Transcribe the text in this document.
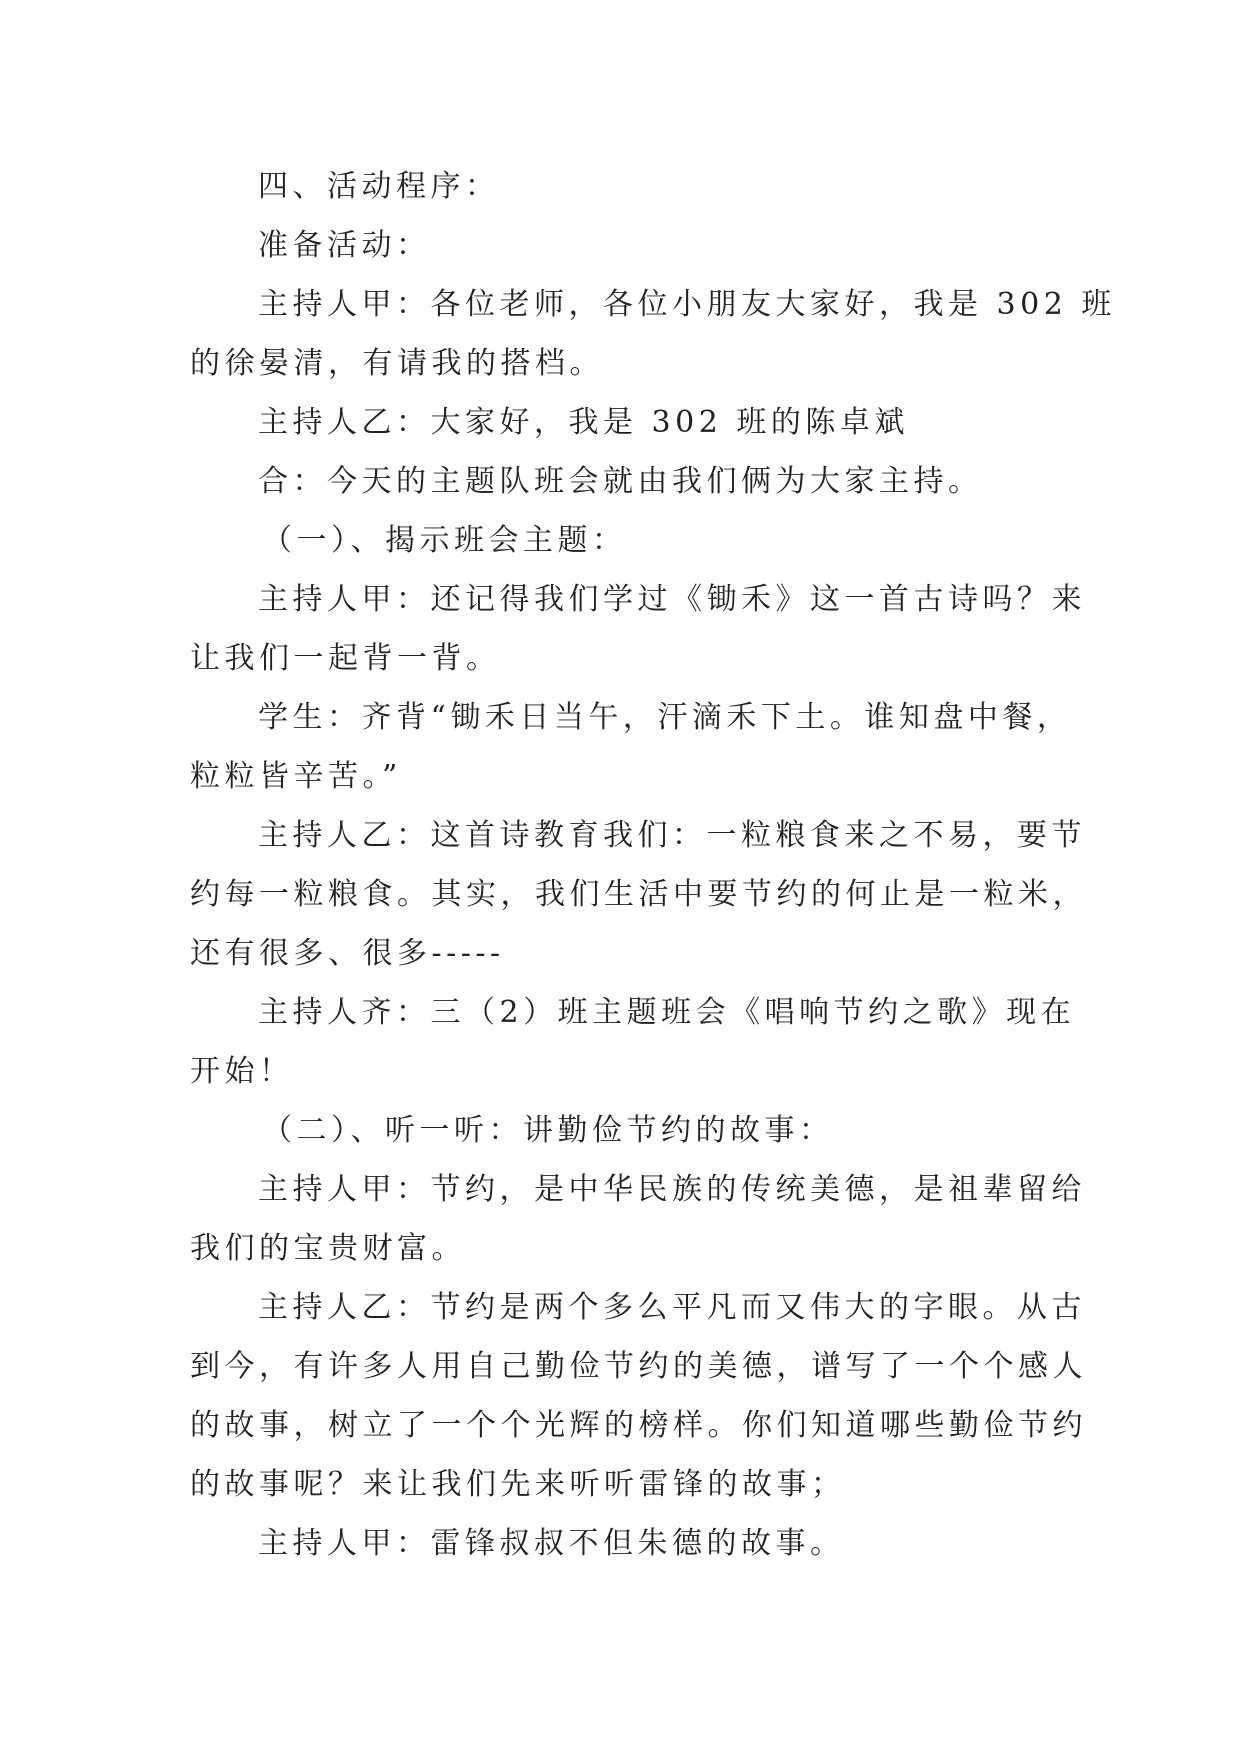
四、活动程序：

准备活动：

主持人甲：各位老师，各位小朋友大家好，我是 302 班

的徐晏清，有请我的搭档。

主持人乙：大家好，我是 302 班的陈卓斌

合：今天的主题队班会就由我们俩为大家主持。

（一）、揭示班会主题：

主持人甲：还记得我们学过《锄禾》这一首古诗吗？来

让我们一起背一背。

学生：齐背“锄禾日当午，汗滴禾下土。谁知盘中餐，

粒粒皆辛苦。”

主持人乙：这首诗教育我们：一粒粮食来之不易，要节

约每一粒粮食。其实，我们生活中要节约的何止是一粒米，

还有很多、很多-----

主持人齐：三（2）班主题班会《唱响节约之歌》现在

开始！

（二）、听一听：讲勤俭节约的故事：

主持人甲：节约，是中华民族的传统美德，是祖辈留给

我们的宝贵财富。

主持人乙：节约是两个多么平凡而又伟大的字眼。从古

到今，有许多人用自己勤俭节约的美德，谱写了一个个感人

的故事，树立了一个个光辉的榜样。你们知道哪些勤俭节约

的故事呢？来让我们先来听听雷锋的故事；

主持人甲：雷锋叔叔不但朱德的故事。
